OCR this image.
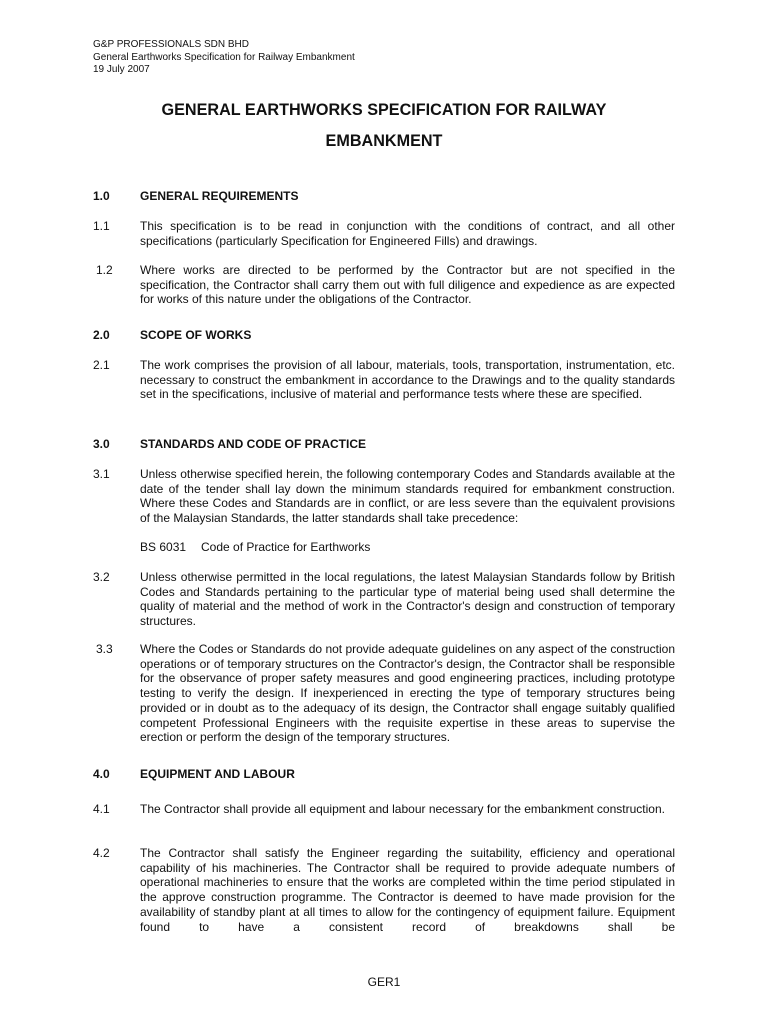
G&P PROFESSIONALS SDN BHD
General Earthworks Specification for Railway Embankment
19 July 2007
GENERAL EARTHWORKS SPECIFICATION FOR RAILWAY
EMBANKMENT
1.0	GENERAL REQUIREMENTS
1.1	This specification is to be read in conjunction with the conditions of contract, and all other specifications (particularly Specification for Engineered Fills) and drawings.
1.2 Where works are directed to be performed by the Contractor but are not specified in the specification, the Contractor shall carry them out with full diligence and expedience as are expected for works of this nature under the obligations of the Contractor.
2.0	SCOPE OF WORKS
2.1	The work comprises the provision of all labour, materials, tools, transportation, instrumentation, etc. necessary to construct the embankment in accordance to the Drawings and to the quality standards set in the specifications, inclusive of material and performance tests where these are specified.
3.0	STANDARDS AND CODE OF PRACTICE
3.1	Unless otherwise specified herein, the following contemporary Codes and Standards available at the date of the tender shall lay down the minimum standards required for embankment construction. Where these Codes and Standards are in conflict, or are less severe than the equivalent provisions of the Malaysian Standards, the latter standards shall take precedence:
BS 6031 Code of Practice for Earthworks
3.2	Unless otherwise permitted in the local regulations, the latest Malaysian Standards follow by British Codes and Standards pertaining to the particular type of material being used shall determine the quality of material and the method of work in the Contractor's design and construction of temporary structures.
3.3 Where the Codes or Standards do not provide adequate guidelines on any aspect of the construction operations or of temporary structures on the Contractor's design, the Contractor shall be responsible for the observance of proper safety measures and good engineering practices, including prototype testing to verify the design. If inexperienced in erecting the type of temporary structures being provided or in doubt as to the adequacy of its design, the Contractor shall engage suitably qualified competent Professional Engineers with the requisite expertise in these areas to supervise the erection or perform the design of the temporary structures.
4.0	EQUIPMENT AND LABOUR
4.1	The Contractor shall provide all equipment and labour necessary for the embankment construction.
4.2	The Contractor shall satisfy the Engineer regarding the suitability, efficiency and operational capability of his machineries. The Contractor shall be required to provide adequate numbers of operational machineries to ensure that the works are completed within the time period stipulated in the approve construction programme. The Contractor is deemed to have made provision for the availability of standby plant at all times to allow for the contingency of equipment failure. Equipment found to have a consistent record of breakdowns shall be
GER1
